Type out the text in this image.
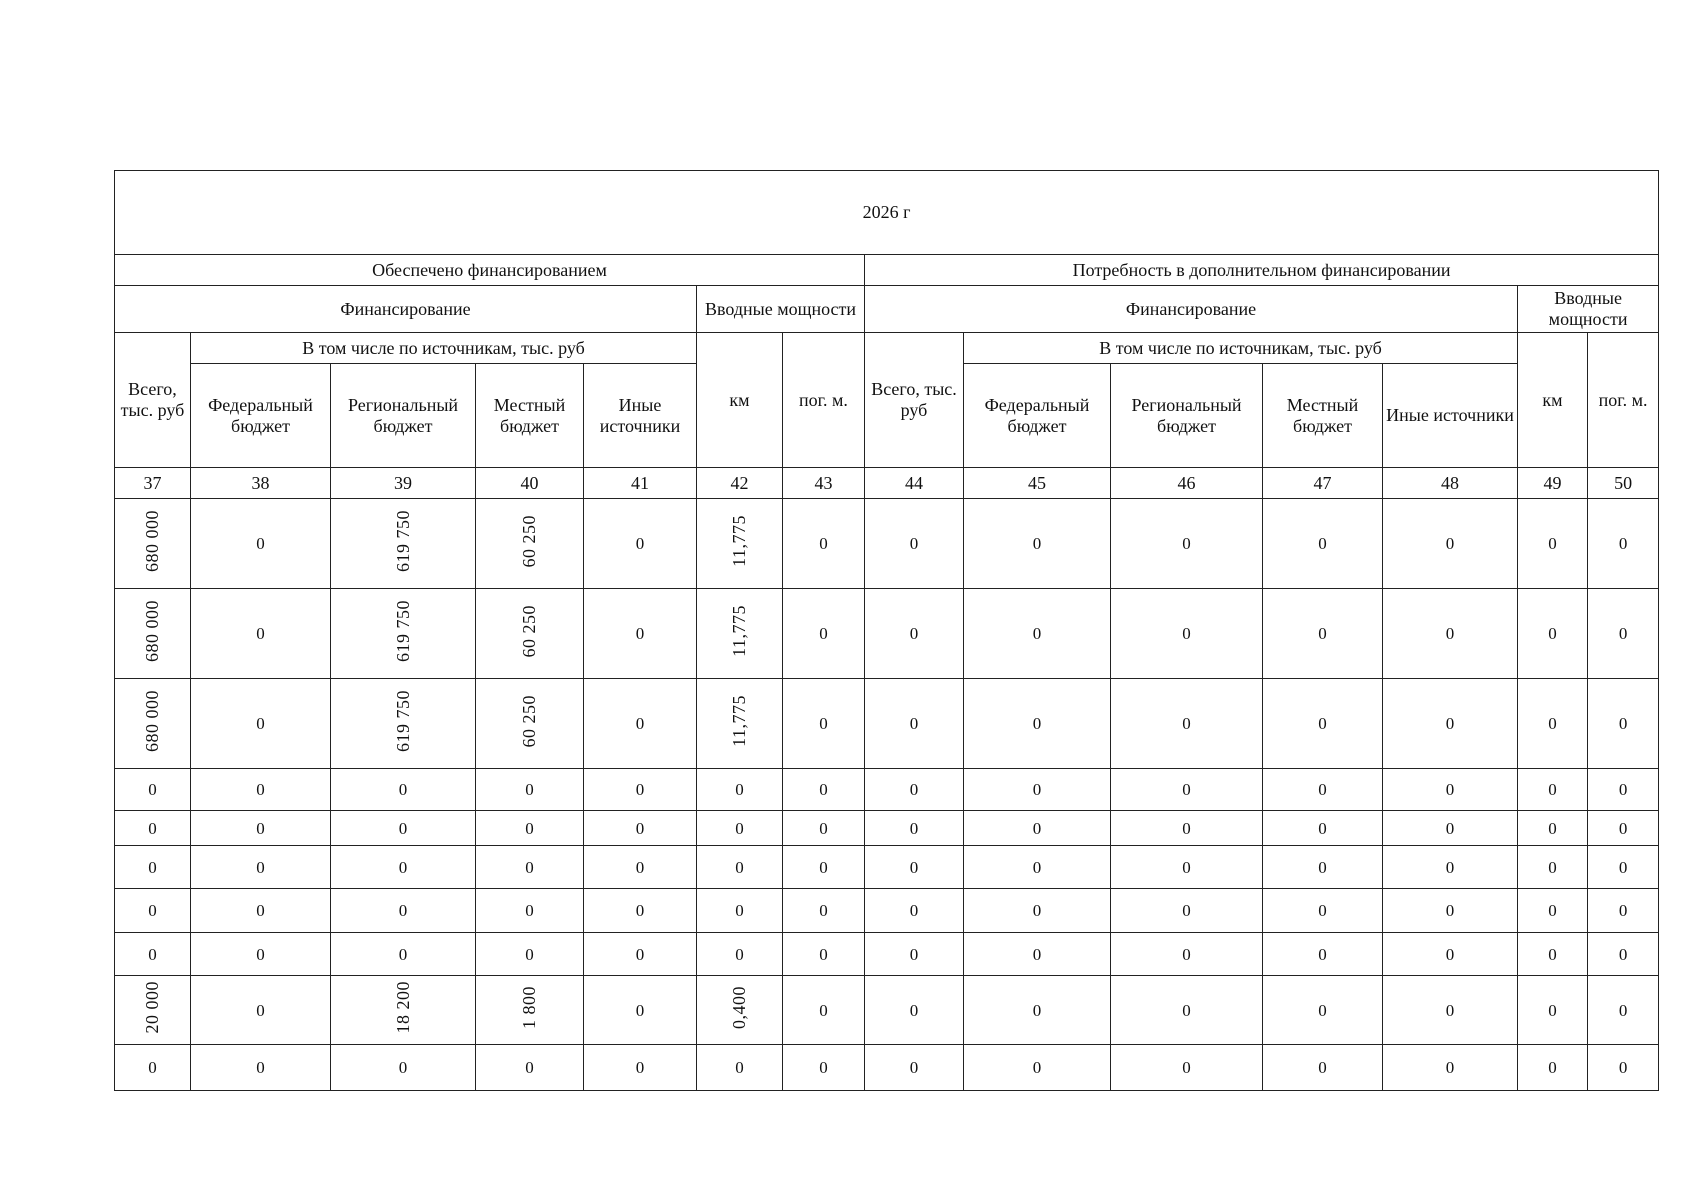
2026 г													
Обеспечено финансированием							Потребность в дополнительном финансировании						
Финансирование					Вводные мощности		Финансирование					Вводные мощности	
Всего, тыс. руб	В том числе по источникам, тыс. руб				км	пог. м.	Всего, тыс. руб	В том числе по источникам, тыс. руб				км	пог. м.
	Федеральный бюджет	Региональный бюджет	Местный бюджет	Иные источники				Федеральный бюджет	Региональный бюджет	Местный бюджет	Иные источники		
37	38	39	40	41	42	43	44	45	46	47	48	49	50
680 000	0	619 750	60 250	0	11,775	0	0	0	0	0	0	0	0
680 000	0	619 750	60 250	0	11,775	0	0	0	0	0	0	0	0
680 000	0	619 750	60 250	0	11,775	0	0	0	0	0	0	0	0
0	0	0	0	0	0	0	0	0	0	0	0	0	0
0	0	0	0	0	0	0	0	0	0	0	0	0	0
0	0	0	0	0	0	0	0	0	0	0	0	0	0
0	0	0	0	0	0	0	0	0	0	0	0	0	0
0	0	0	0	0	0	0	0	0	0	0	0	0	0
20 000	0	18 200	1 800	0	0,400	0	0	0	0	0	0	0	0
0	0	0	0	0	0	0	0	0	0	0	0	0	0
